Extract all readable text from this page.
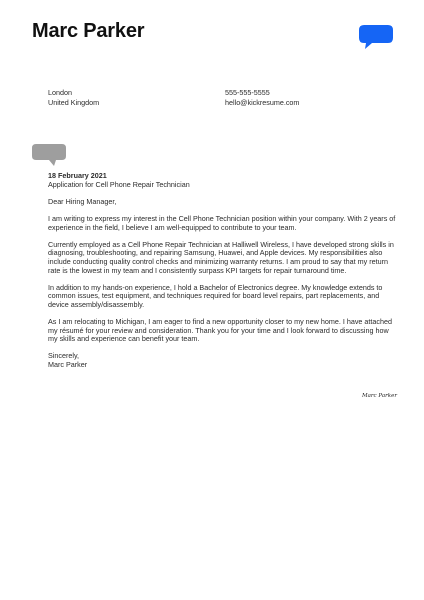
Marc Parker
London
United Kingdom
555-555-5555
hello@kickresume.com

18 February 2021

Application for Cell Phone Repair Technician

Dear Hiring Manager,

I am writing to express my interest in the Cell Phone Technician position within your company. With 2 years of experience in the field, I believe I am well-equipped to contribute to your team.

Currently employed as a Cell Phone Repair Technician at Halliwell Wireless, I have developed strong skills in diagnosing, troubleshooting, and repairing Samsung, Huawei, and Apple devices. My responsibilities also include conducting quality control checks and minimizing warranty returns. I am proud to say that my return rate is the lowest in my team and I consistently surpass KPI targets for repair turnaround time.

In addition to my hands-on experience, I hold a Bachelor of Electronics degree. My knowledge extends to common issues, test equipment, and techniques required for board level repairs, part replacements, and device assembly/disassembly.

As I am relocating to Michigan, I am eager to find a new opportunity closer to my new home. I have attached my résumé for your review and consideration. Thank you for your time and I look forward to discussing how my skills and experience can benefit your team.

Sincerely,
Marc Parker
Marc Parker
